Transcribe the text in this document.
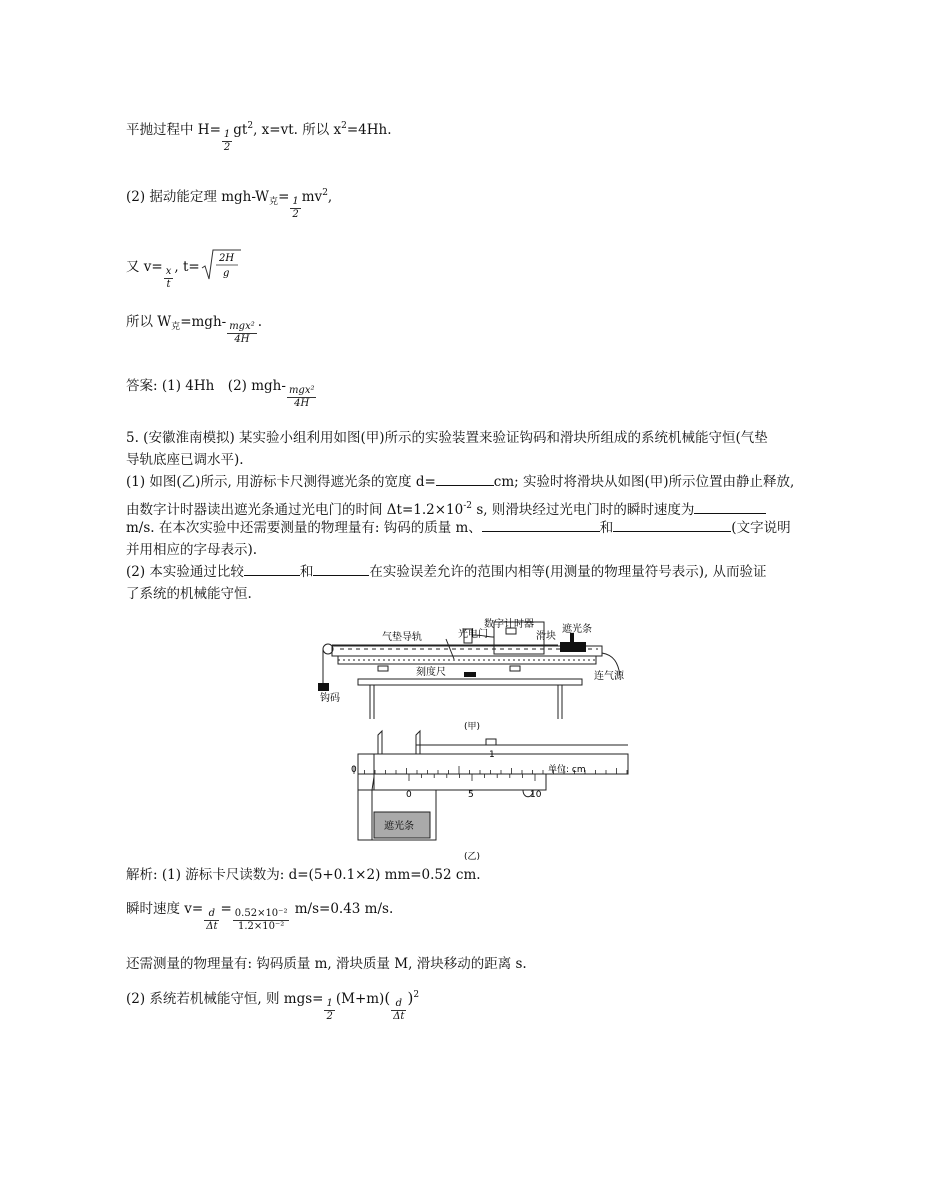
平抛过程中 $H= \frac{1}{2} gt^2$, x=vt. 所以 $x^2=4Hh$.
(2) 据动能定理 mgh-$W_克= \frac{1}{2} mv^2$,
又 $v= \frac{x}{t}$ , t=
2H
g
所以 $W_克=mgh-$ mgx²
4H
.
答案: (1) 4Hh　(2) mgh- mgx²
4H
5. (安徽淮南模拟) 某实验小组利用如图(甲)所示的实验装置来验证钩码和滑块所组成的系统机械能守恒(气垫
导轨底座已调水平).
(1) 如图(乙)所示, 用游标卡尺测得遮光条的宽度 d=	cm; 实验时将滑块从如图(甲)所示位置由静止释放,
由数字计时器读出遮光条通过光电门的时间 $\Delta t=1.2\times 10^{-2}$ s, 则滑块经过光电门时的瞬时速度为
m/s. 在本次实验中还需要测量的物理量有: 钩码的质量 m、	和	(文字说明
并用相应的字母表示).
(2) 本实验通过比较	和	在实验误差允许的范围内相等(用测量的物理量符号表示), 从而验证
了系统的机械能守恒.
光电门
数字计时器
气垫导轨	滑块
遮光条
刻度尺	连气源
钩码
(甲)
遮光条
0
1
单位: cm
0	5	10
(乙)
解析: (1) 游标卡尺读数为: d=(5+0.1×2) mm=0.52 cm.
瞬时速度 $v= \frac{d}{\Delta t} = \frac{\text{0.52×10⁻²}}{\text{1.2×10⁻²}} m/s=0.43$ m/s.
还需测量的物理量有: 钩码质量 m, 滑块质量 M, 滑块移动的距离 s.
(2) 系统若机械能守恒, 则 $mgs= \frac{1}{2} (M+m)( \frac{d}{\Delta t} )^2$
